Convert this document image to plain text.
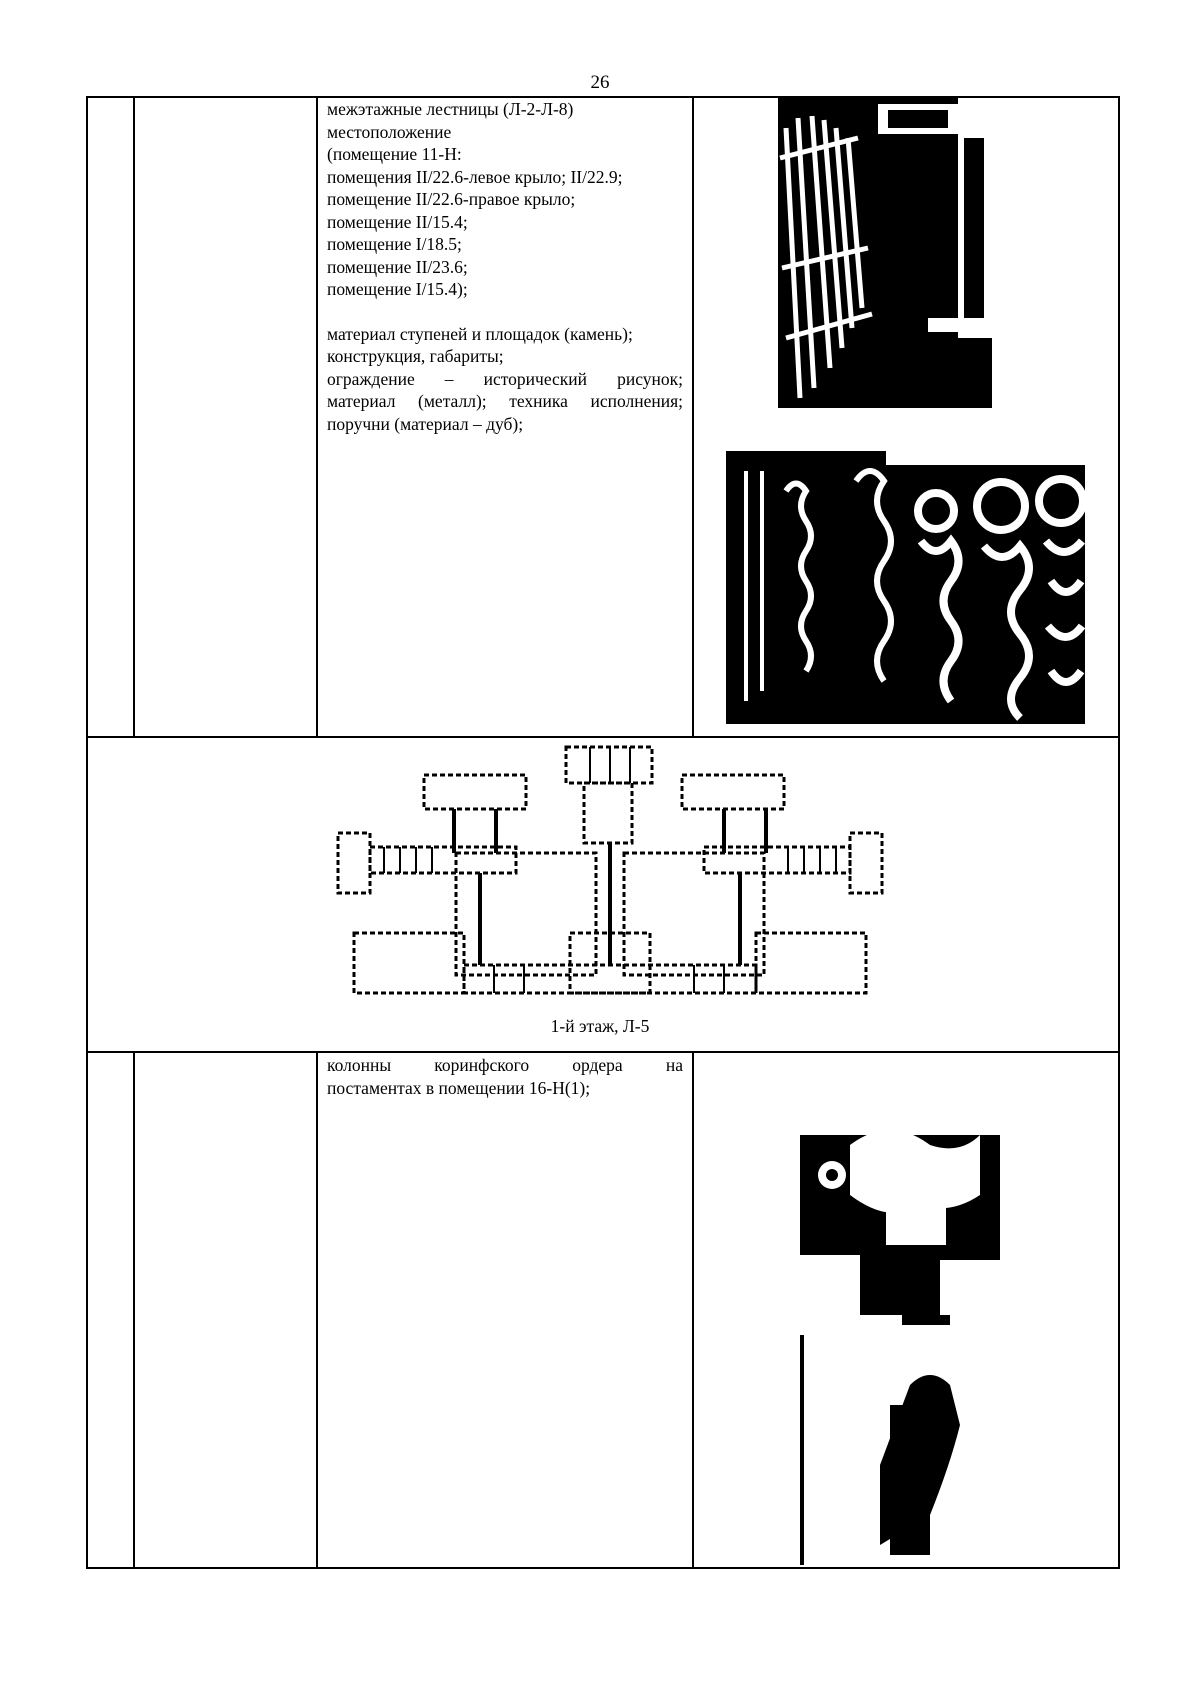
26

межэтажные лестницы (Л-2-Л-8)

местоположение

(помещение 11-Н:

помещения II/22.6-левое крыло; II/22.9;

помещение II/22.6-правое крыло;

помещение II/15.4;

помещение I/18.5;

помещение II/23.6;

помещение I/15.4);

материал ступеней и площадок (камень);

конструкция, габариты;

ограждение – исторический рисунок;

материал (металл); техника исполнения;

поручни (материал – дуб);

1-й этаж, Л-5

колонны коринфского ордера на

постаментах в помещении 16-Н(1);
